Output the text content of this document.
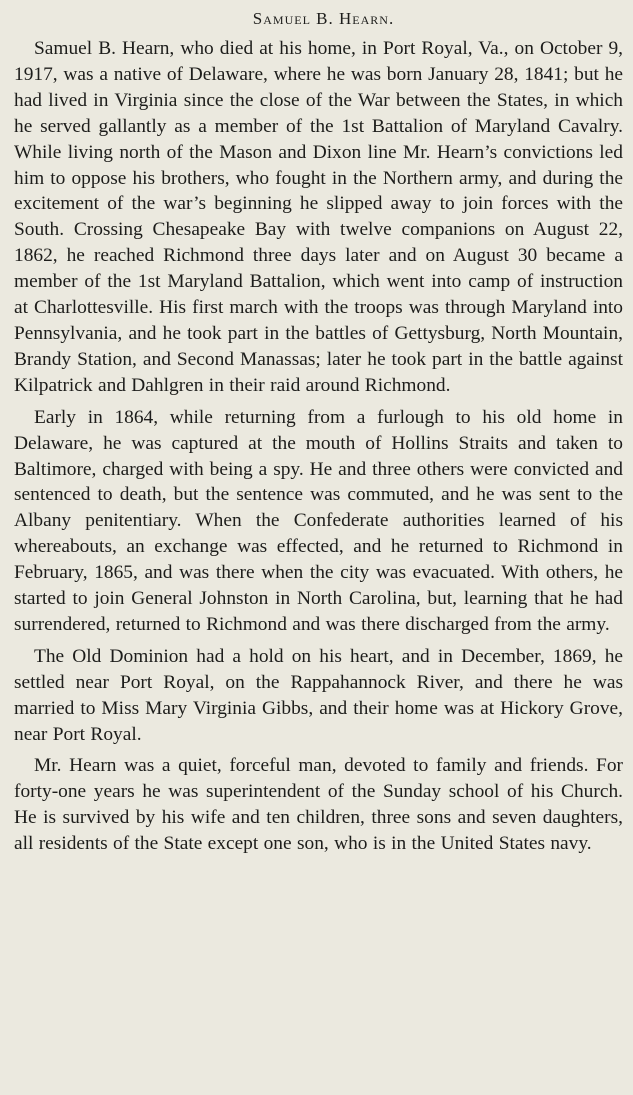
Samuel B. Hearn.

Samuel B. Hearn, who died at his home, in Port Royal, Va., on October 9, 1917, was a native of Delaware, where he was born January 28, 1841; but he had lived in Virginia since the close of the War between the States, in which he served gallantly as a member of the 1st Battalion of Maryland Cavalry. While living north of the Mason and Dixon line Mr. Hearn’s convictions led him to oppose his brothers, who fought in the Northern army, and during the excitement of the war’s beginning he slipped away to join forces with the South. Crossing Chesapeake Bay with twelve companions on August 22, 1862, he reached Richmond three days later and on August 30 became a member of the 1st Maryland Battalion, which went into camp of instruction at Charlottesville. His first march with the troops was through Maryland into Pennsylvania, and he took part in the battles of Gettysburg, North Mountain, Brandy Station, and Second Manassas; later he took part in the battle against Kilpatrick and Dahlgren in their raid around Richmond.

Early in 1864, while returning from a furlough to his old home in Delaware, he was captured at the mouth of Hollins Straits and taken to Baltimore, charged with being a spy. He and three others were convicted and sentenced to death, but the sentence was commuted, and he was sent to the Albany penitentiary. When the Confederate authorities learned of his whereabouts, an exchange was effected, and he returned to Richmond in February, 1865, and was there when the city was evacuated. With others, he started to join General Johnston in North Carolina, but, learning that he had surrendered, returned to Richmond and was there discharged from the army.

The Old Dominion had a hold on his heart, and in December, 1869, he settled near Port Royal, on the Rappahannock River, and there he was married to Miss Mary Virginia Gibbs, and their home was at Hickory Grove, near Port Royal.

Mr. Hearn was a quiet, forceful man, devoted to family and friends. For forty-one years he was superintendent of the Sunday school of his Church. He is survived by his wife and ten children, three sons and seven daughters, all residents of the State except one son, who is in the United States navy.
